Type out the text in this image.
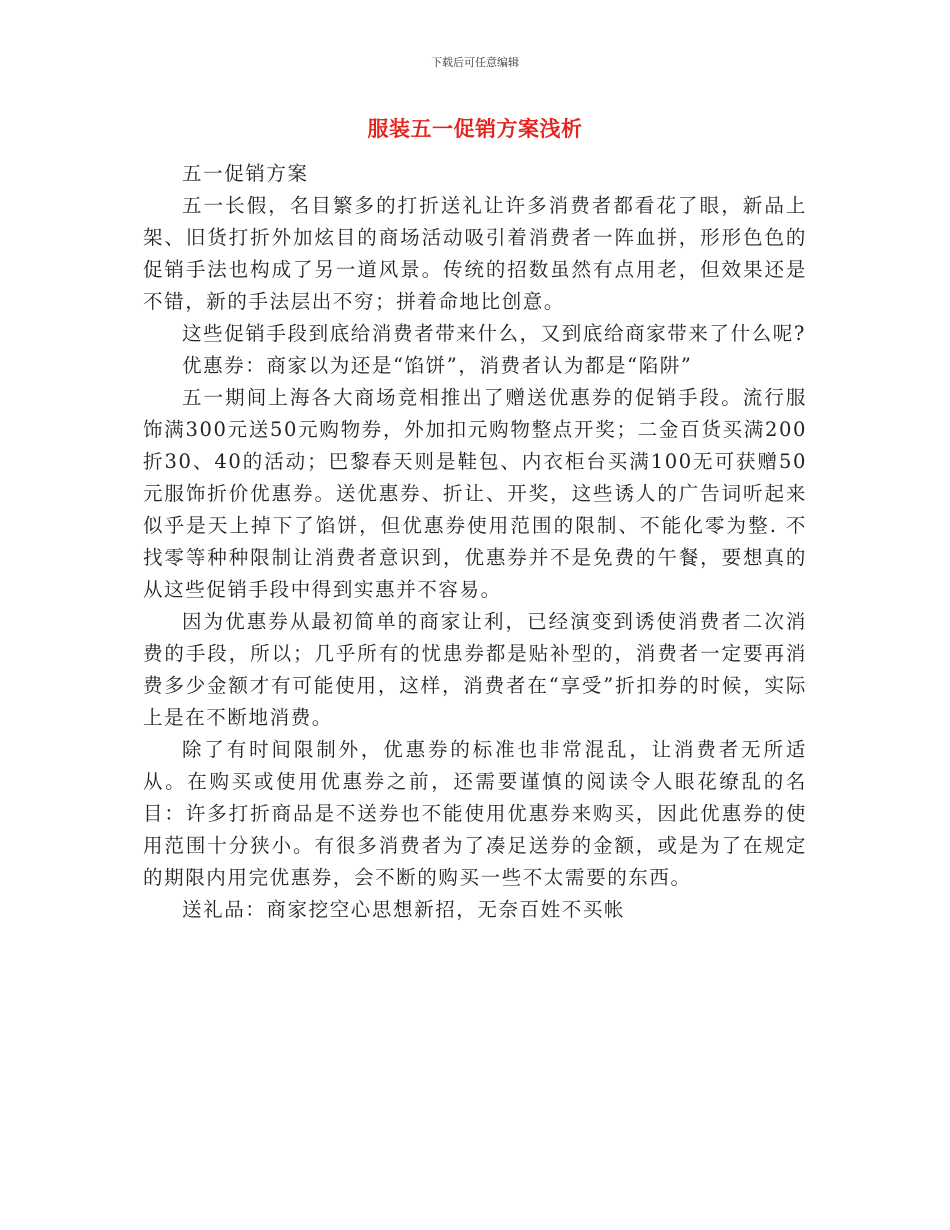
下载后可任意编辑
服装五一促销方案浅析

五一促销方案

五一长假，名目繁多的打折送礼让许多消费者都看花了眼，新品上架、旧货打折外加炫目的商场活动吸引着消费者一阵血拼，形形色色的促销手法也构成了另一道风景。传统的招数虽然有点用老，但效果还是不错，新的手法层出不穷；拼着命地比创意。

这些促销手段到底给消费者带来什么，又到底给商家带来了什么呢?

优惠券：商家以为还是“馅饼”，消费者认为都是“陷阱”

五一期间上海各大商场竞相推出了赠送优惠券的促销手段。流行服饰满300元送50元购物券，外加扣元购物整点开奖；二金百货买满200折30、40的活动；巴黎春天则是鞋包、内衣柜台买满100无可获赠50元服饰折价优惠券。送优惠券、折让、开奖，这些诱人的广告词听起来似乎是天上掉下了馅饼，但优惠券使用范围的限制、不能化零为整. 不找零等种种限制让消费者意识到，优惠券并不是免费的午餐，要想真的从这些促销手段中得到实惠并不容易。

因为优惠券从最初简单的商家让利，已经演变到诱使消费者二次消费的手段，所以；几乎所有的忧患券都是贴补型的，消费者一定要再消费多少金额才有可能使用，这样，消费者在“享受”折扣券的时候，实际上是在不断地消费。

除了有时间限制外，优惠券的标准也非常混乱，让消费者无所适从。在购买或使用优惠券之前，还需要谨慎的阅读令人眼花缭乱的名目：许多打折商品是不送券也不能使用优惠券来购买，因此优惠券的使用范围十分狭小。有很多消费者为了凑足送券的金额，或是为了在规定的期限内用完优惠券，会不断的购买一些不太需要的东西。

送礼品：商家挖空心思想新招，无奈百姓不买帐
